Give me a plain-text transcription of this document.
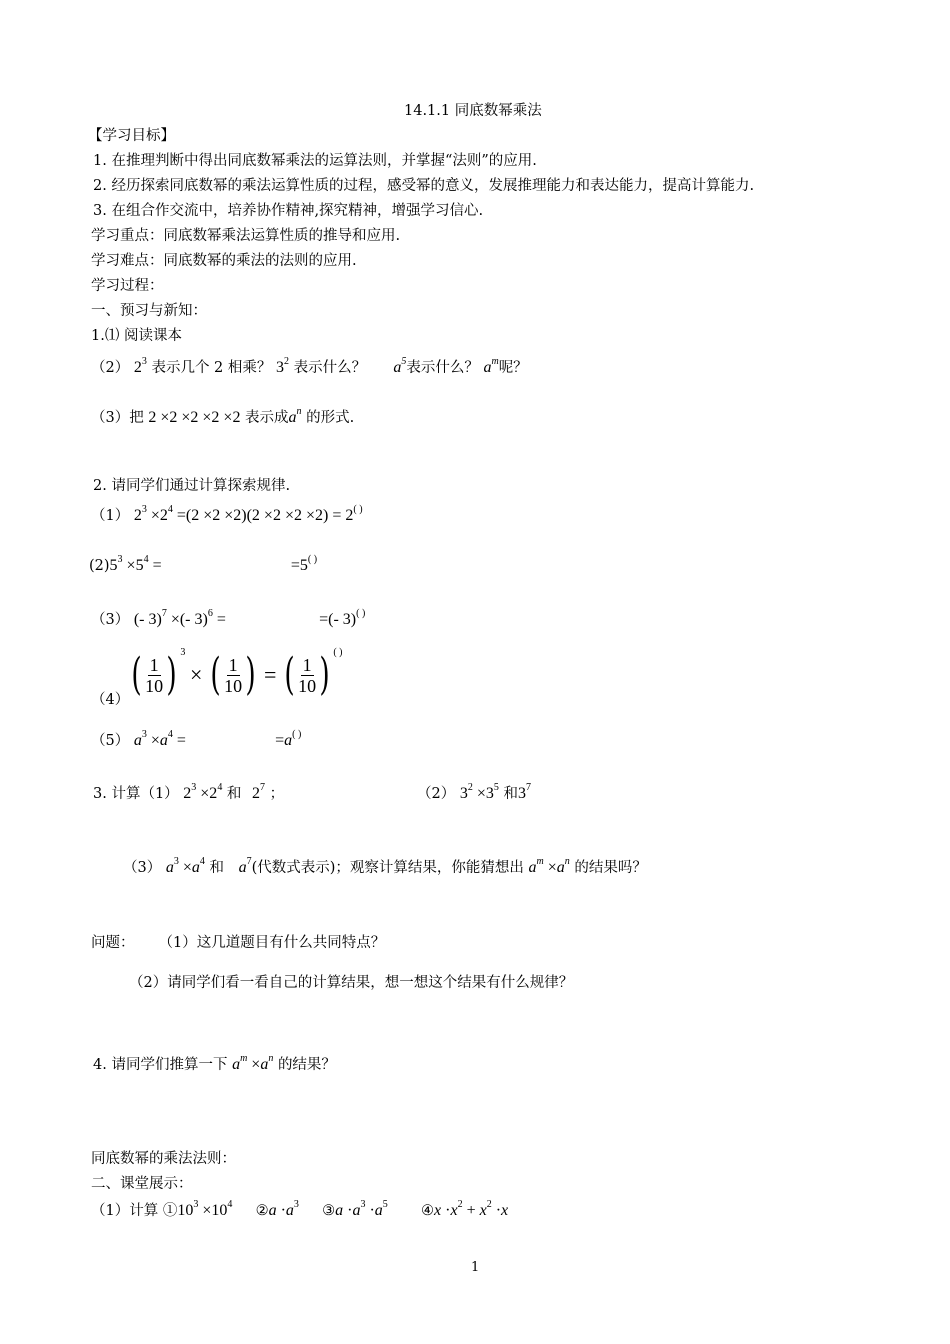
14.1.1 同底数幂乘法
【学习目标】
1. 在推理判断中得出同底数幂乘法的运算法则，并掌握“法则”的应用.
2. 经历探索同底数幂的乘法运算性质的过程，感受幂的意义，发展推理能力和表达能力，提高计算能力.
3. 在组合作交流中，培养协作精神,探究精神，增强学习信心.
学习重点：同底数幂乘法运算性质的推导和应用.
学习难点：同底数幂的乘法的法则的应用.
学习过程：
一、预习与新知：
1.⑴ 阅读课本
（2） $2^3$ 表示几个 2 相乘？ $3^2$ 表示什么？ $a^5$表示什么？ $a^m$呢？
（3）把 2 ×2 ×2 ×2 ×2 表示成$a^n$ 的形式.
2. 请同学们通过计算探索规律.
（1） $2^3 \times 2^4 =(2 \times 2 \times 2)(2 \times 2 \times 2 \times 2) = 2^{( )}$
$(2)5^3 \times 5^4$ =	=5( )
（3） (- 3)$^7$ ×(- 3)$^6$ =	=(- 3)( )
（4） ( $\frac{1}{10}$ ) $^3$ × ( $\frac{1}{10}$ ) = ( $\frac{1}{10}$ ) ( )
（5） $a^3 \times a^4$ =	=a( )
3. 计算（1） $2^3 \times 2^4$ 和 $2^7$ ；	（2） $3^2 \times 3^5$ 和$3^7$
（3） $a^3 \times a^4$ 和 $a^7$(代数式表示)；观察计算结果，你能猜想出 $a^m \times a^n$ 的结果吗？
问题： （1）这几道题目有什么共同特点？
（2）请同学们看一看自己的计算结果，想一想这个结果有什么规律？
4. 请同学们推算一下 $a^m \times a^n$ 的结果？
同底数幂的乘法法则：
二、课堂展示：
（1）计算 $①10^3 \times 10^4$ ②a $\cdot a^3$ ③a $\cdot a^3 \cdot a^5$ ④x $\cdot x^2 + x^2 \cdot x$
1
